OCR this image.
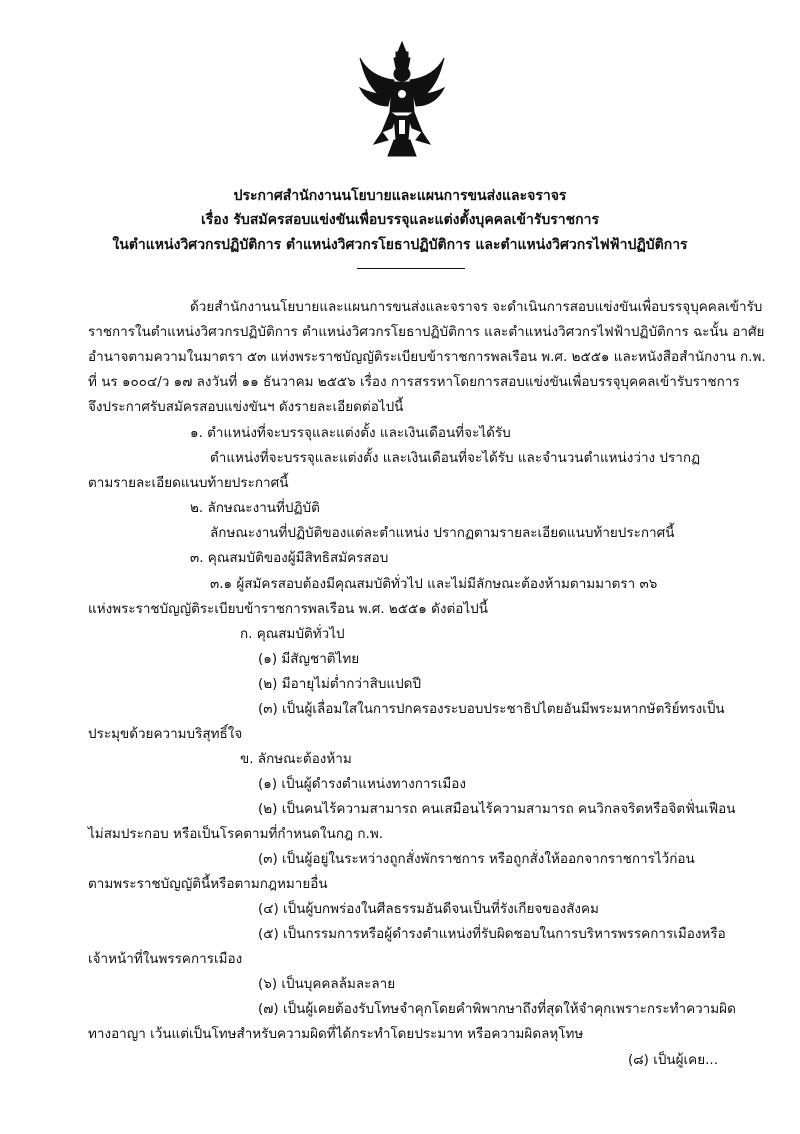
ประกาศสำนักงานนโยบายและแผนการขนส่งและจราจร
เรื่อง รับสมัครสอบแข่งขันเพื่อบรรจุและแต่งตั้งบุคคลเข้ารับราชการ
ในตำแหน่งวิศวกรปฏิบัติการ ตำแหน่งวิศวกรโยธาปฏิบัติการ และตำแหน่งวิศวกรไฟฟ้าปฏิบัติการ
ด้วยสำนักงานนโยบายและแผนการขนส่งและจราจร จะดำเนินการสอบแข่งขันเพื่อบรรจุบุคคลเข้ารับ
ราชการในตำแหน่งวิศวกรปฏิบัติการ ตำแหน่งวิศวกรโยธาปฏิบัติการ และตำแหน่งวิศวกรไฟฟ้าปฏิบัติการ ฉะนั้น อาศัย
อำนาจตามความในมาตรา ๕๓ แห่งพระราชบัญญัติระเบียบข้าราชการพลเรือน พ.ศ. ๒๕๕๑ และหนังสือสำนักงาน ก.พ.
ที่ นร ๑๐๐๔/ว ๑๗ ลงวันที่ ๑๑ ธันวาคม ๒๕๕๖ เรื่อง การสรรหาโดยการสอบแข่งขันเพื่อบรรจุบุคคลเข้ารับราชการ
จึงประกาศรับสมัครสอบแข่งขันฯ ดังรายละเอียดต่อไปนี้
๑. ตำแหน่งที่จะบรรจุและแต่งตั้ง และเงินเดือนที่จะได้รับ
ตำแหน่งที่จะบรรจุและแต่งตั้ง และเงินเดือนที่จะได้รับ และจำนวนตำแหน่งว่าง ปรากฏ
ตามรายละเอียดแนบท้ายประกาศนี้
๒. ลักษณะงานที่ปฏิบัติ
ลักษณะงานที่ปฏิบัติของแต่ละตำแหน่ง ปรากฏตามรายละเอียดแนบท้ายประกาศนี้
๓. คุณสมบัติของผู้มีสิทธิสมัครสอบ
๓.๑ ผู้สมัครสอบต้องมีคุณสมบัติทั่วไป และไม่มีลักษณะต้องห้ามตามมาตรา ๓๖
แห่งพระราชบัญญัติระเบียบข้าราชการพลเรือน พ.ศ. ๒๕๕๑ ดังต่อไปนี้
ก. คุณสมบัติทั่วไป
(๑) มีสัญชาติไทย
(๒) มีอายุไม่ต่ำกว่าสิบแปดปี
(๓) เป็นผู้เลื่อมใสในการปกครองระบอบประชาธิปไตยอันมีพระมหากษัตริย์ทรงเป็น
ประมุขด้วยความบริสุทธิ์ใจ
ข. ลักษณะต้องห้าม
(๑) เป็นผู้ดำรงตำแหน่งทางการเมือง
(๒) เป็นคนไร้ความสามารถ คนเสมือนไร้ความสามารถ คนวิกลจริตหรือจิตฟั่นเฟือน
ไม่สมประกอบ หรือเป็นโรคตามที่กำหนดในกฎ ก.พ.
(๓) เป็นผู้อยู่ในระหว่างถูกสั่งพักราชการ หรือถูกสั่งให้ออกจากราชการไว้ก่อน
ตามพระราชบัญญัตินี้หรือตามกฎหมายอื่น
(๔) เป็นผู้บกพร่องในศีลธรรมอันดีจนเป็นที่รังเกียจของสังคม
(๕) เป็นกรรมการหรือผู้ดำรงตำแหน่งที่รับผิดชอบในการบริหารพรรคการเมืองหรือ
เจ้าหน้าที่ในพรรคการเมือง
(๖) เป็นบุคคลล้มละลาย
(๗) เป็นผู้เคยต้องรับโทษจำคุกโดยคำพิพากษาถึงที่สุดให้จำคุกเพราะกระทำความผิด
ทางอาญา เว้นแต่เป็นโทษสำหรับความผิดที่ได้กระทำโดยประมาท หรือความผิดลหุโทษ
(๘) เป็นผู้เคย...
